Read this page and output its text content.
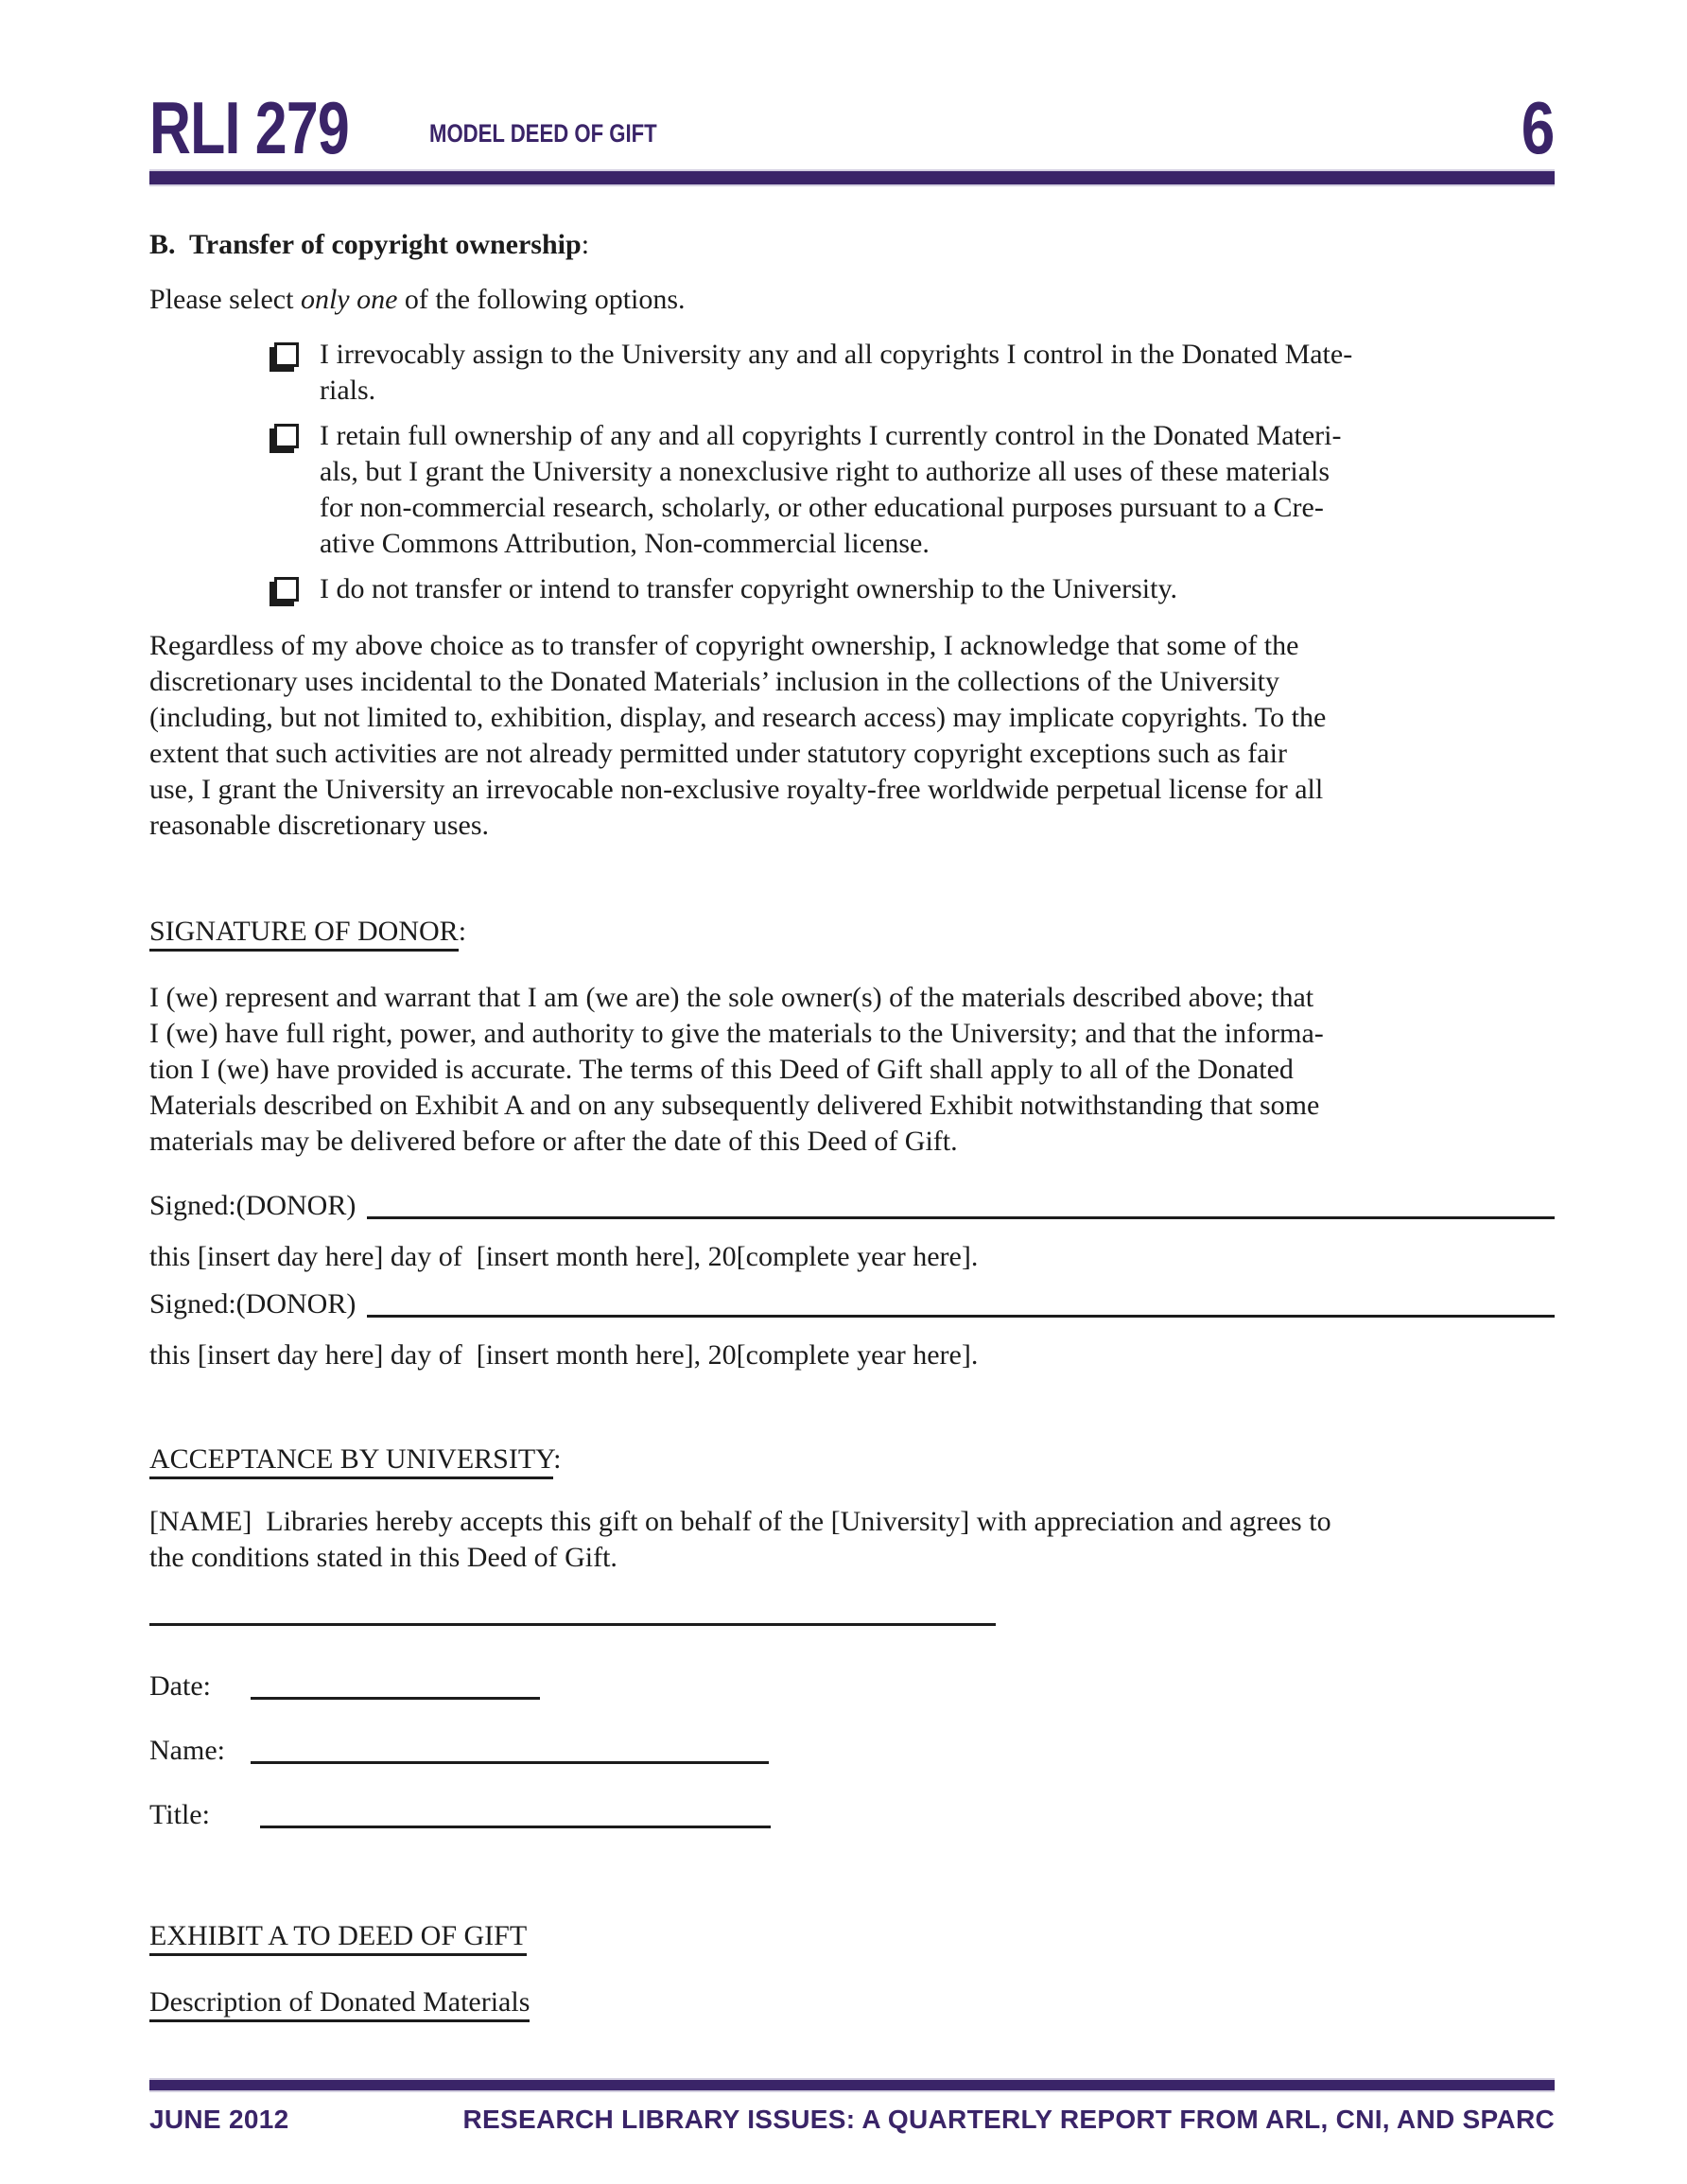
RLI 279	MODEL DEED OF GIFT	6
B.  Transfer of copyright ownership:
Please select only one of the following options.
I irrevocably assign to the University any and all copyrights I control in the Donated Mate-
rials.
I retain full ownership of any and all copyrights I currently control in the Donated Materi-
als, but I grant the University a nonexclusive right to authorize all uses of these materials
for non-commercial research, scholarly, or other educational purposes pursuant to a Cre-
ative Commons Attribution, Non-commercial license.
I do not transfer or intend to transfer copyright ownership to the University.
Regardless of my above choice as to transfer of copyright ownership, I acknowledge that some of the
discretionary uses incidental to the Donated Materials’ inclusion in the collections of the University
(including, but not limited to, exhibition, display, and research access) may implicate copyrights. To the
extent that such activities are not already permitted under statutory copyright exceptions such as fair
use, I grant the University an irrevocable non-exclusive royalty-free worldwide perpetual license for all
reasonable discretionary uses.
SIGNATURE OF DONOR:
I (we) represent and warrant that I am (we are) the sole owner(s) of the materials described above; that
I (we) have full right, power, and authority to give the materials to the University; and that the informa-
tion I (we) have provided is accurate. The terms of this Deed of Gift shall apply to all of the Donated
Materials described on Exhibit A and on any subsequently delivered Exhibit notwithstanding that some
materials may be delivered before or after the date of this Deed of Gift.
Signed:(DONOR)
this [insert day here] day of  [insert month here], 20[complete year here].
Signed:(DONOR)
this [insert day here] day of  [insert month here], 20[complete year here].
ACCEPTANCE BY UNIVERSITY:
[NAME]  Libraries hereby accepts this gift on behalf of the [University] with appreciation and agrees to
the conditions stated in this Deed of Gift.
Date:
Name:
Title:
EXHIBIT A TO DEED OF GIFT
Description of Donated Materials
JUNE 2012	RESEARCH LIBRARY ISSUES: A QUARTERLY REPORT FROM ARL, CNI, AND SPARC
